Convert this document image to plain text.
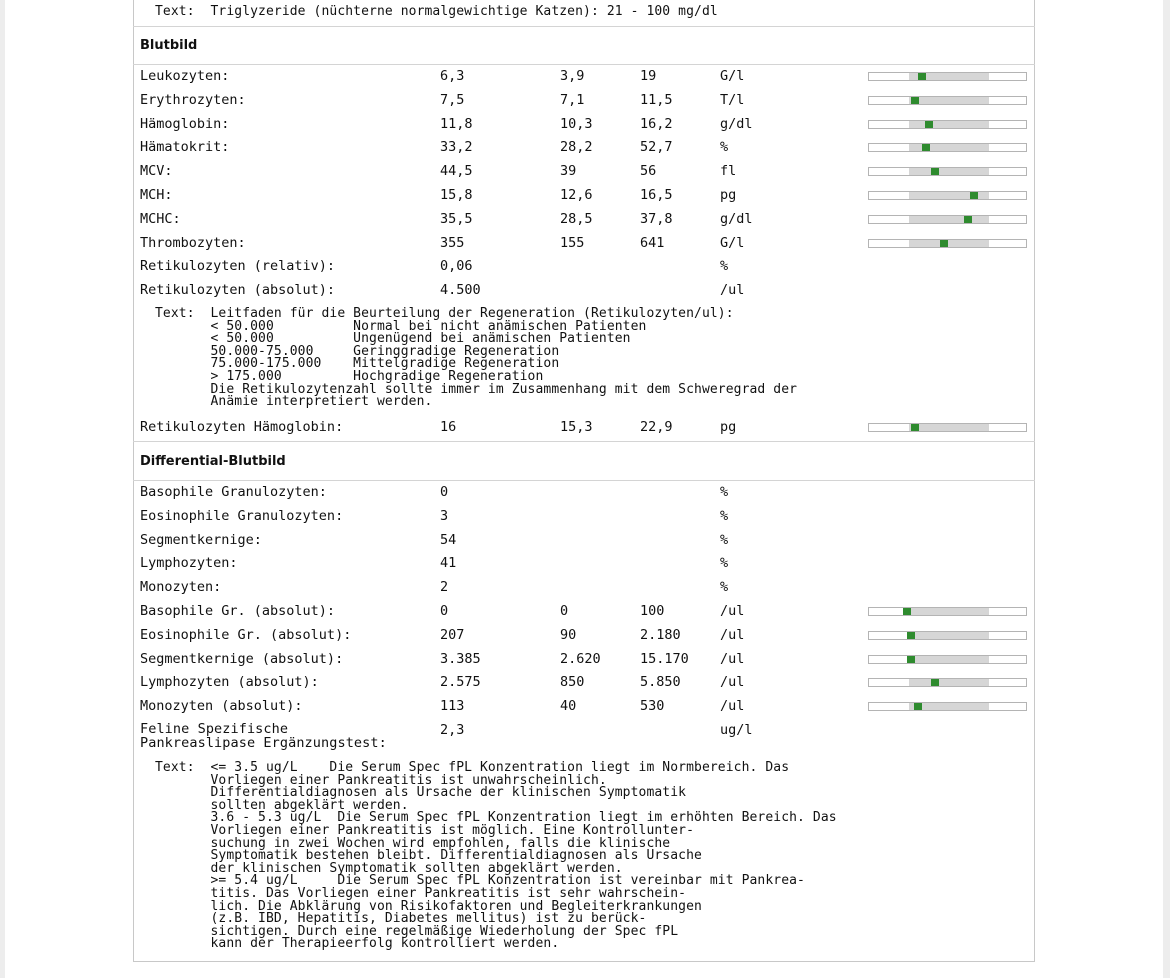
Text:  Triglyzeride (nüchterne normalgewichtige Katzen): 21 - 100 mg/dl
Blutbild
Leukozyten:	6,3	3,9	19	G/l
Erythrozyten:	7,5	7,1	11,5	T/l
Hämoglobin:	11,8	10,3	16,2	g/dl
Hämatokrit:	33,2	28,2	52,7	%
MCV:	44,5	39	56	fl
MCH:	15,8	12,6	16,5	pg
MCHC:	35,5	28,5	37,8	g/dl
Thrombozyten:	355	155	641	G/l
Retikulozyten (relativ):	0,06	%
Retikulozyten (absolut):	4.500	/ul
Text:  Leitfaden für die Beurteilung der Regeneration (Retikulozyten/ul):
< 50.000          Normal bei nicht anämischen Patienten
< 50.000          Ungenügend bei anämischen Patienten
50.000-75.000     Geringgradige Regeneration
75.000-175.000    Mittelgradige Regeneration
> 175.000         Hochgradige Regeneration
Die Retikulozytenzahl sollte immer im Zusammenhang mit dem Schweregrad der
Anämie interpretiert werden.
Retikulozyten Hämoglobin:	16	15,3	22,9	pg
Differential-Blutbild
Basophile Granulozyten:	0	%
Eosinophile Granulozyten:	3	%
Segmentkernige:	54	%
Lymphozyten:	41	%
Monozyten:	2	%
Basophile Gr. (absolut):	0	0	100	/ul
Eosinophile Gr. (absolut):	207	90	2.180	/ul
Segmentkernige (absolut):	3.385	2.620	15.170 /ul
Lymphozyten (absolut):	2.575	850	5.850	/ul
Monozyten (absolut):	113	40	530	/ul
Feline Spezifische
Pankreaslipase Ergänzungstest:
2,3	ug/l
Text:  <= 3.5 ug/L    Die Serum Spec fPL Konzentration liegt im Normbereich. Das
Vorliegen einer Pankreatitis ist unwahrscheinlich.
Differentialdiagnosen als Ursache der klinischen Symptomatik
sollten abgeklärt werden.
3.6 - 5.3 ug/L  Die Serum Spec fPL Konzentration liegt im erhöhten Bereich. Das
Vorliegen einer Pankreatitis ist möglich. Eine Kontrollunter-
suchung in zwei Wochen wird empfohlen, falls die klinische
Symptomatik bestehen bleibt. Differentialdiagnosen als Ursache
der klinischen Symptomatik sollten abgeklärt werden.
>= 5.4 ug/L     Die Serum Spec fPL Konzentration ist vereinbar mit Pankrea-
titis. Das Vorliegen einer Pankreatitis ist sehr wahrschein-
lich. Die Abklärung von Risikofaktoren und Begleiterkrankungen
(z.B. IBD, Hepatitis, Diabetes mellitus) ist zu berück-
sichtigen. Durch eine regelmäßige Wiederholung der Spec fPL
kann der Therapieerfolg kontrolliert werden.
